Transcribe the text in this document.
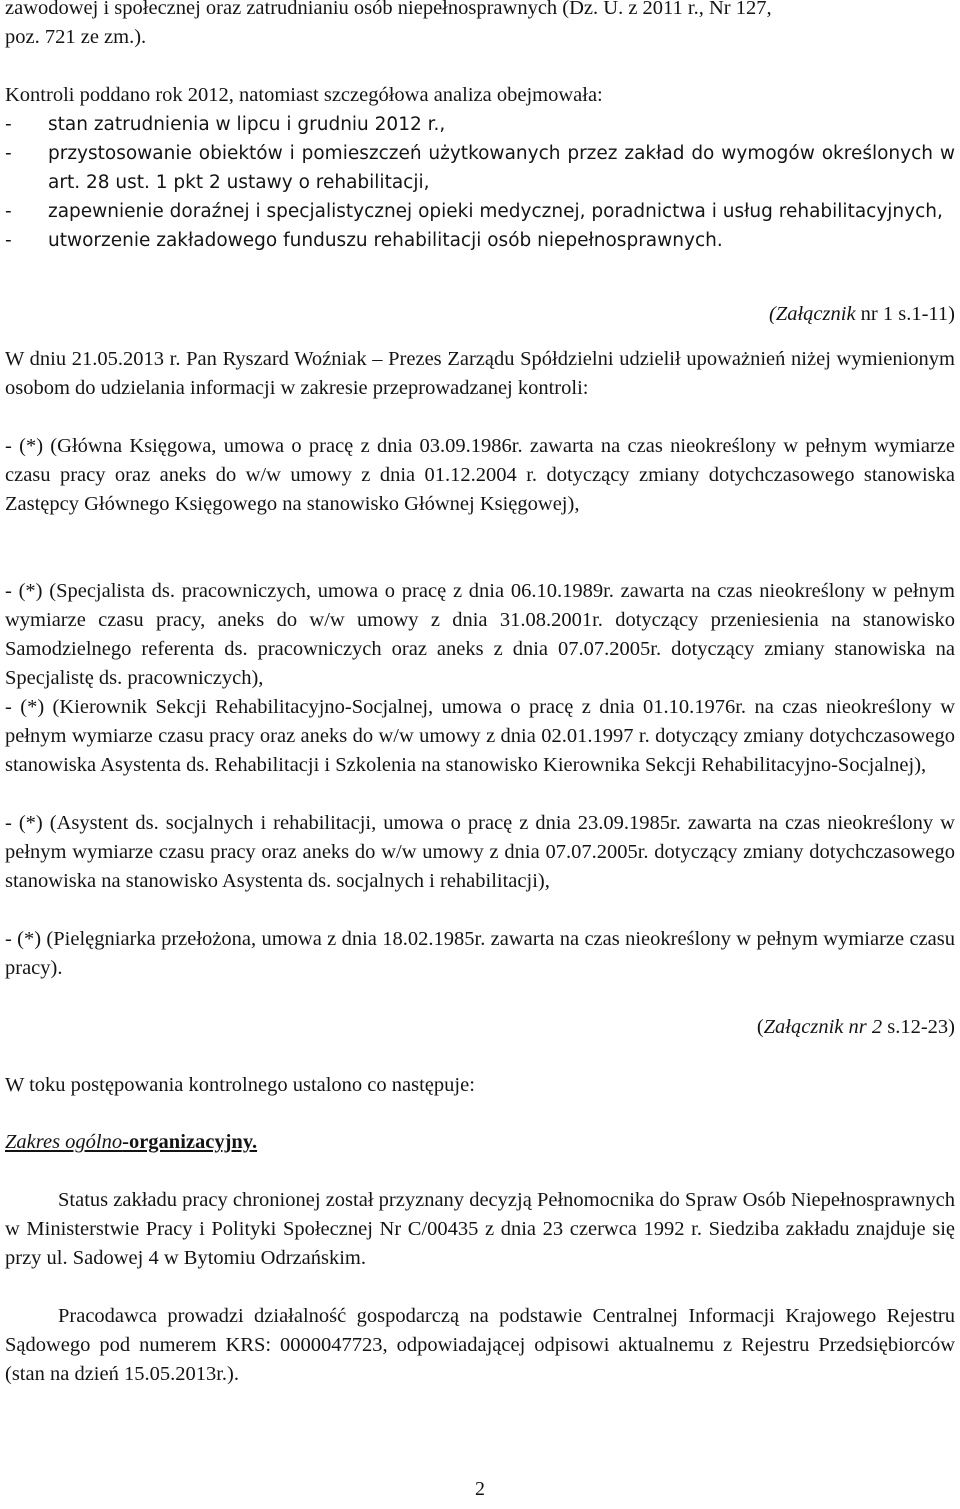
zawodowej i społecznej oraz zatrudnianiu osób niepełnosprawnych (Dz. U. z 2011 r., Nr 127,

poz. 721 ze zm.).

Kontroli poddano rok 2012, natomiast szczegółowa analiza obejmowała:

- stan zatrudnienia w lipcu i grudniu 2012 r.,
- przystosowanie obiektów i pomieszczeń użytkowanych przez zakład do wymogów określonych w art. 28 ust. 1 pkt 2 ustawy o rehabilitacji,
- zapewnienie doraźnej i specjalistycznej opieki medycznej, poradnictwa i usług rehabilitacyjnych,
- utworzenie zakładowego funduszu rehabilitacji osób niepełnosprawnych.

(Załącznik nr 1 s.1-11)

W dniu 21.05.2013 r. Pan Ryszard Woźniak – Prezes Zarządu Spółdzielni udzielił upoważnień niżej wymienionym osobom do udzielania informacji w zakresie przeprowadzanej kontroli:

- (*) (Główna Księgowa, umowa o pracę z dnia 03.09.1986r. zawarta na czas nieokreślony w pełnym wymiarze czasu pracy oraz aneks do w/w umowy z dnia 01.12.2004 r. dotyczący zmiany dotychczasowego stanowiska Zastępcy Głównego Księgowego na stanowisko Głównej Księgowej),

- (*) (Specjalista ds. pracowniczych, umowa o pracę z dnia 06.10.1989r. zawarta na czas nieokreślony w pełnym wymiarze czasu pracy, aneks do w/w umowy z dnia 31.08.2001r. dotyczący przeniesienia na stanowisko Samodzielnego referenta ds. pracowniczych oraz aneks z dnia 07.07.2005r. dotyczący zmiany stanowiska na Specjalistę ds. pracowniczych),

- (*) (Kierownik Sekcji Rehabilitacyjno-Socjalnej, umowa o pracę z dnia 01.10.1976r. na czas nieokreślony w pełnym wymiarze czasu pracy oraz aneks do w/w umowy z dnia 02.01.1997 r. dotyczący zmiany dotychczasowego stanowiska Asystenta ds. Rehabilitacji i Szkolenia na stanowisko Kierownika Sekcji Rehabilitacyjno-Socjalnej),

- (*) (Asystent ds. socjalnych i rehabilitacji, umowa o pracę z dnia 23.09.1985r. zawarta na czas nieokreślony w pełnym wymiarze czasu pracy oraz aneks do w/w umowy z dnia 07.07.2005r. dotyczący zmiany dotychczasowego stanowiska na stanowisko Asystenta ds. socjalnych i rehabilitacji),

- (*) (Pielęgniarka przełożona, umowa z dnia 18.02.1985r. zawarta na czas nieokreślony w pełnym wymiarze czasu pracy).

(Załącznik nr 2 s.12-23)

W toku postępowania kontrolnego ustalono co następuje:

Zakres ogólno-organizacyjny.

Status zakładu pracy chronionej został przyznany decyzją Pełnomocnika do Spraw Osób Niepełnosprawnych w Ministerstwie Pracy i Polityki Społecznej Nr C/00435 z dnia 23 czerwca 1992 r. Siedziba zakładu znajduje się przy ul. Sadowej 4 w Bytomiu Odrzańskim.

Pracodawca prowadzi działalność gospodarczą na podstawie Centralnej Informacji Krajowego Rejestru Sądowego pod numerem KRS: 0000047723, odpowiadającej odpisowi aktualnemu z Rejestru Przedsiębiorców (stan na dzień 15.05.2013r.).

2
